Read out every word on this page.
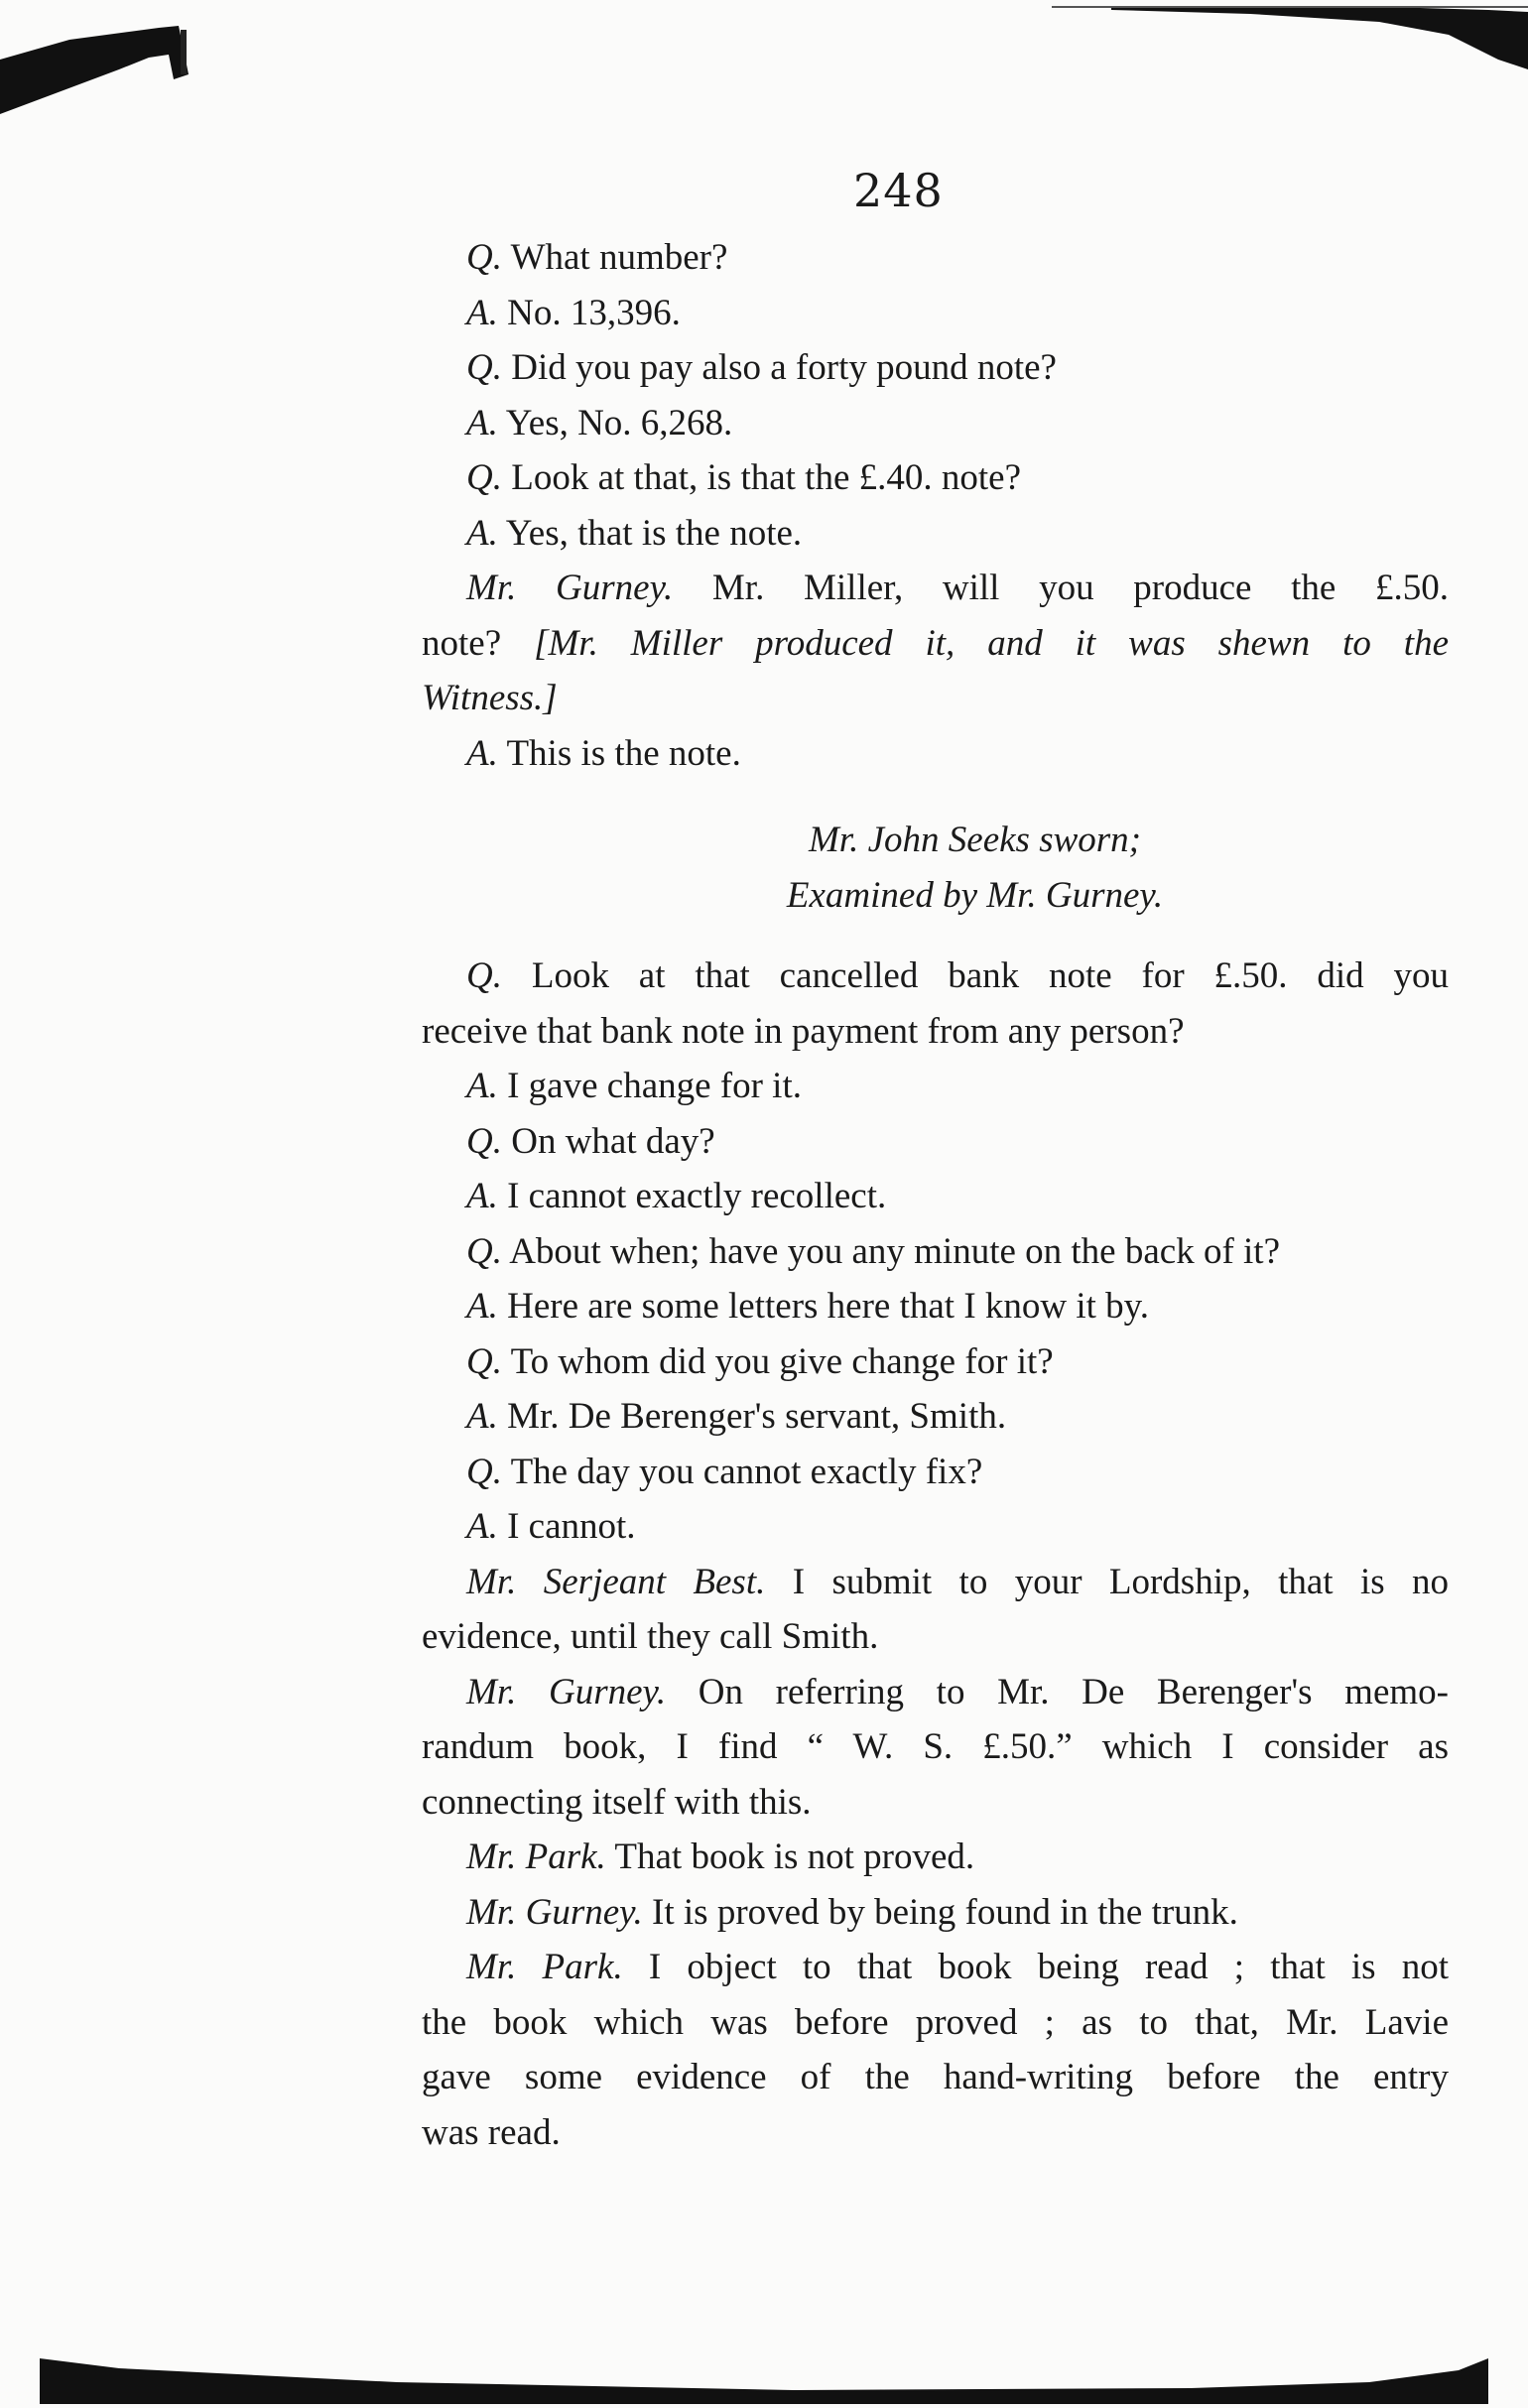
248
Q. What number?
A. No. 13,396.
Q. Did you pay also a forty pound note?
A. Yes, No. 6,268.
Q. Look at that, is that the £.40. note?
A. Yes, that is the note.
Mr. Gurney. Mr. Miller, will you produce the £.50.
note? [Mr. Miller produced it, and it was shewn to the
Witness.]
A. This is the note.
Mr. John Seeks sworn;
Examined by Mr. Gurney.
Q. Look at that cancelled bank note for £.50. did you
receive that bank note in payment from any person?
A. I gave change for it.
Q. On what day?
A. I cannot exactly recollect.
Q. About when; have you any minute on the back of it?
A. Here are some letters here that I know it by.
Q. To whom did you give change for it?
A. Mr. De Berenger's servant, Smith.
Q. The day you cannot exactly fix?
A. I cannot.
Mr. Serjeant Best. I submit to your Lordship, that is no
evidence, until they call Smith.
Mr. Gurney. On referring to Mr. De Berenger's memo-
randum book, I find “ W. S. £.50.” which I consider as
connecting itself with this.
Mr. Park. That book is not proved.
Mr. Gurney. It is proved by being found in the trunk.
Mr. Park. I object to that book being read ; that is not
the book which was before proved ; as to that, Mr. Lavie
gave some evidence of the hand-writing before the entry
was read.
